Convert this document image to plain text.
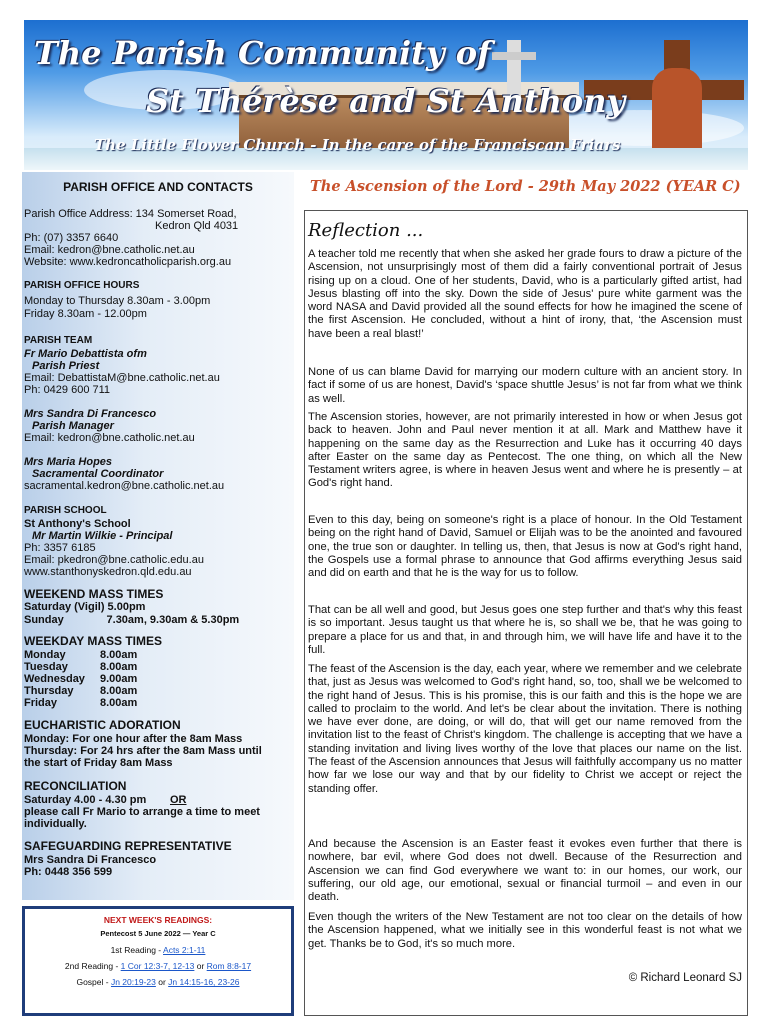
The Parish Community of
St Thérèse and St Anthony
The Little Flower Church - In the care of the Franciscan Friars
PARISH OFFICE AND CONTACTS
Parish Office Address: 134 Somerset Road,
Kedron Qld 4031
Ph: (07) 3357 6640
Email: kedron@bne.catholic.net.au
Website: www.kedroncatholicparish.org.au
PARISH OFFICE HOURS
Monday to Thursday 8.30am - 3.00pm
Friday 8.30am - 12.00pm
PARISH TEAM
Fr Mario Debattista ofm
Parish Priest
Email: DebattistaM@bne.catholic.net.au
Ph: 0429 600 711
Mrs Sandra Di Francesco
Parish Manager
Email: kedron@bne.catholic.net.au
Mrs Maria Hopes
Sacramental Coordinator
sacramental.kedron@bne.catholic.net.au
PARISH SCHOOL
St Anthony's School
Mr Martin Wilkie - Principal
Ph: 3357 6185
Email: pkedron@bne.catholic.edu.au
www.stanthonyskedron.qld.edu.au
WEEKEND MASS TIMES
Saturday (Vigil) 5.00pm
Sunday              7.30am, 9.30am & 5.30pm
WEEKDAY MASS TIMES
Monday	8.00am
Tuesday	8.00am
Wednesday 9.00am
Thursday 8.00am
Friday	8.00am
EUCHARISTIC ADORATION
Monday: For one hour after the 8am Mass
Thursday: For 24 hrs after the 8am Mass until
the start of Friday 8am Mass
RECONCILIATION
Saturday 4.00 - 4.30 pm OR
please call Fr Mario to arrange a time to meet
individually.
SAFEGUARDING REPRESENTATIVE
Mrs Sandra Di Francesco
Ph: 0448 356 599
NEXT WEEK'S READINGS:
Pentecost 5 June 2022 — Year C
1st Reading - Acts 2:1-11
2nd Reading - 1 Cor 12:3-7, 12-13 or Rom 8:8-17
Gospel - Jn 20:19-23 or Jn 14:15-16, 23-26
The Ascension of the Lord - 29th May 2022 (YEAR C)
Reflection ...
A teacher told me recently that when she asked her grade fours to draw a picture of the Ascension, not unsurprisingly most of them did a fairly conventional portrait of Jesus rising up on a cloud. One of her students, David, who is a particularly gifted artist, had Jesus blasting off into the sky. Down the side of Jesus' pure white garment was the word NASA and David provided all the sound effects for how he imagined the scene of the first Ascension. He concluded, without a hint of irony, that, ‘the Ascension must have been a real blast!’
None of us can blame David for marrying our modern culture with an ancient story. In fact if some of us are honest, David's ‘space shuttle Jesus’ is not far from what we think as well.
The Ascension stories, however, are not primarily interested in how or when Jesus got back to heaven. John and Paul never mention it at all. Mark and Matthew have it happening on the same day as the Resurrection and Luke has it occurring 40 days after Easter on the same day as Pentecost. The one thing, on which all the New Testament writers agree, is where in heaven Jesus went and where he is presently – at God's right hand.
Even to this day, being on someone's right is a place of honour. In the Old Testament being on the right hand of David, Samuel or Elijah was to be the anointed and favoured one, the true son or daughter. In telling us, then, that Jesus is now at God's right hand, the Gospels use a formal phrase to announce that God affirms everything Jesus said and did on earth and that he is the way for us to follow.
That can be all well and good, but Jesus goes one step further and that's why this feast is so important. Jesus taught us that where he is, so shall we be, that he was going to prepare a place for us and that, in and through him, we will have life and have it to the full.
The feast of the Ascension is the day, each year, where we remember and we celebrate that, just as Jesus was welcomed to God's right hand, so, too, shall we be welcomed to the right hand of Jesus. This is his promise, this is our faith and this is the hope we are called to proclaim to the world. And let's be clear about the invitation. There is nothing we have ever done, are doing, or will do, that will get our name removed from the invitation list to the feast of Christ's kingdom. The challenge is accepting that we have a standing invitation and living lives worthy of the love that places our name on the list. The feast of the Ascension announces that Jesus will faithfully accompany us no matter how far we lose our way and that by our fidelity to Christ we accept or reject the standing offer.
And because the Ascension is an Easter feast it evokes even further that there is nowhere, bar evil, where God does not dwell. Because of the Resurrection and Ascension we can find God everywhere we want to: in our homes, our work, our suffering, our old age, our emotional, sexual or financial turmoil – and even in our death.
Even though the writers of the New Testament are not too clear on the details of how the Ascension happened, what we initially see in this wonderful feast is not what we get. Thanks be to God, it's so much more.
© Richard Leonard SJ
